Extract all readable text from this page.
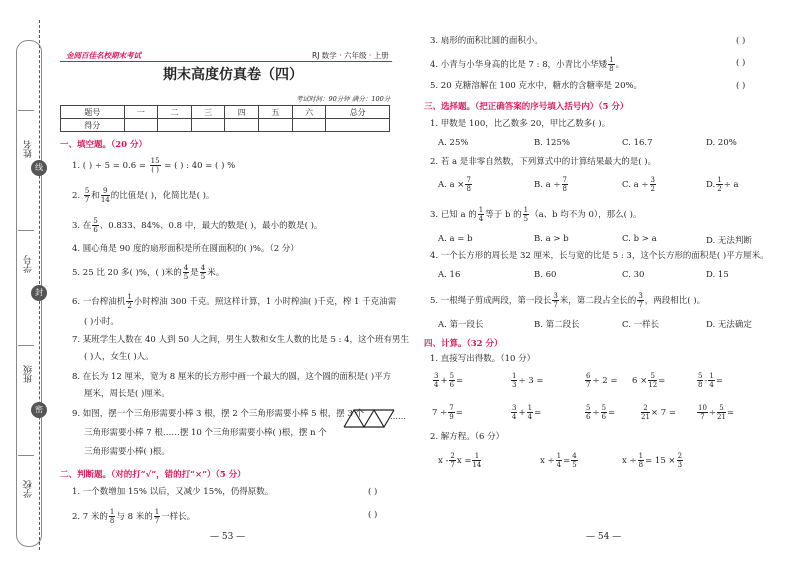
姓名
学号
班级
学校
线
封
密
金阅百佳名校期末考试	RJ 数学 · 六年级 · 上册
期末高度仿真卷（四）
考试时间：90分钟 满分：100分
题号	一	二	三	四	五	六	总分
得分							
一、填空题。（20 分）
1. ( ) ÷ 5 = 0.6 = 15
( ) = ( ) : 40 = ( ) %
2. $\frac{5}{7}$ 和 $\frac{9}{14}$ 的比值是( )，化简比是( )。
3. 在 $\frac{5}{6}$ 、0.833、84%、0.8 中，最大的数是( )，最小的数是( )。
4. 圆心角是 90 度的扇形面积是所在圆面积的( )%。（2 分）
5. 25 比 20 多( )%，( )米的 $\frac{4}{5}$ 是 $\frac{4}{5}$ 米。
6. 一台榨油机 $\frac{1}{2}$ 小时榨油 300 千克。照这样计算，1 小时榨油( )千克，榨 1 千克油需
( )小时。
7. 某班学生人数在 40 人到 50 人之间，男生人数和女生人数的比是 5 : 4，这个班有男生
( )人，女生( )人。
8. 在长为 12 厘米，宽为 8 厘米的长方形中画一个最大的圆，这个圆的面积是( )平方
厘米，周长是( )厘米。
9. 如图，摆一个三角形需要小棒 3 根，摆 2 个三角形需要小棒 5 根，摆 3 个
三角形需要小棒 7 根……摆 10 个三角形需要小棒( )根，摆 n 个
三角形需要小棒( )根。
……
二、判断题。（对的打“√”，错的打“×”）（5 分）
1. 一个数增加 15% 以后，又减少 15%，仍得原数。	( )
2. 7 米的 $\frac{1}{8}$ 与 8 米的 $\frac{1}{7}$ 一样长。	( )
— 53 —
3. 扇形的面积比圆的面积小。	( )
4. 小青与小华身高的比是 7 : 8，小青比小华矮 $\frac{1}{8}$ 。	( )
5. 20 克糖溶解在 100 克水中，糖水的含糖率是 20%。	( )
三、选择题。（把正确答案的序号填入括号内）（5 分）
1. 甲数是 100，比乙数多 20，甲比乙数多( )。
A. 25%	B. 125%	C. 16.7	D. 20%
2. 若 a 是非零自然数，下列算式中的计算结果最大的是( )。
A. $a \times \frac{7}{8}$	B. $a \div \frac{7}{8}$	C. $a \div \frac{3}{2}$	D. $\frac{1}{2} \div a$
3. 已知 a 的 $\frac{1}{4}$ 等于 b 的 $\frac{1}{5} (a$、b 均不为 0），那么( )。
A. a = b	B. a > b	C. b > a	D. 无法判断
4. 一个长方形的周长是 32 厘米，长与宽的比是 5 : 3，这个长方形的面积是( )平方厘米。
A. 16	B. 60	C. 30	D. 15
5. 一根绳子剪成两段，第一段长 $\frac{3}{7}$ 米，第二段占全长的 $\frac{3}{7}$ ，两段相比( )。
A. 第一段长	B. 第二段长	C. 一样长	D. 无法确定
四、计算。（32 分）
1. 直接写出得数。（10 分）
$\frac{3}{4} + \frac{5}{6}$ =	$\frac{1}{3} \div 3$ =	$\frac{6}{7} \div 2 = 6 \times \frac{5}{12}$ =	$\frac{5}{8} - \frac{1}{4}$ =
$7 \div \frac{7}{9}$ =	$\frac{3}{4} + \frac{1}{4}$ =	$\frac{5}{6} \div \frac{5}{6}$ =	$\frac{2}{21} \times 7$ =	$\frac{10}{7} \div \frac{5}{21}$ =
2. 解方程。（6 分）
x - $\frac{2}{7}$ $x = \frac{1}{14}$	$x \div \frac{1}{4} = \frac{4}{5}$	$x \div \frac{1}{8} = 15 \times \frac{2}{3}$
— 54 —
